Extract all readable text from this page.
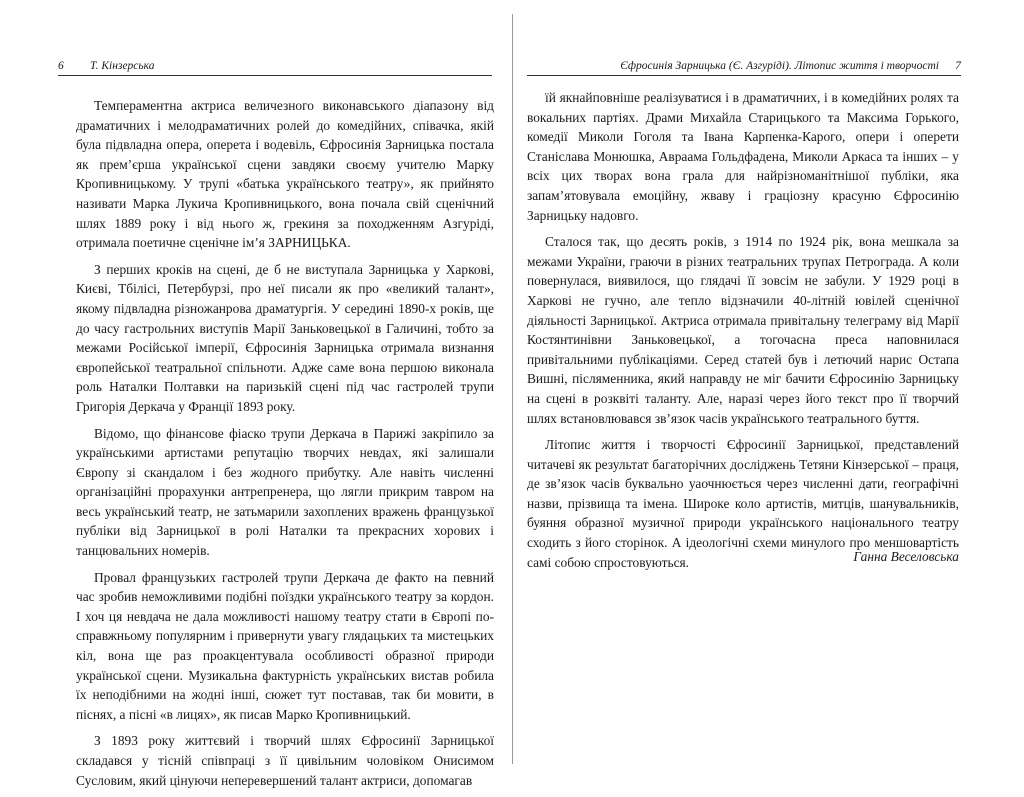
6 Т. Кінзерська

Темпераментна актриса величезного виконавського діапазону від драматичних і мелодраматичних ролей до комедійних, співачка, якій була підвладна опера, оперета і водевіль, Єфросинія Зарницька постала як прем’єрша української сцени завдяки своєму учителю Марку Кропивницькому. У трупі «батька українського театру», як прийнято називати Марка Лукича Кропивницького, вона почала свій сценічний шлях 1889 року і від нього ж, грекиня за походженням Азгуріді, отримала поетичне сценічне ім’я ЗАРНИЦЬКА.

З перших кроків на сцені, де б не виступала Зарницька у Харкові, Києві, Тбілісі, Петербурзі, про неї писали як про «великий талант», якому підвладна різножанрова драматургія. У середині 1890-х років, ще до часу гастрольних виступів Марії Заньковецької в Галичині, тобто за межами Російської імперії, Єфросинія Зарницька отримала визнання європейської театральної спільноти. Адже саме вона першою виконала роль Наталки Полтавки на паризькій сцені під час гастролей трупи Григорія Деркача у Франції 1893 року.

Відомо, що фінансове фіаско трупи Деркача в Парижі закріпило за українськими артистами репутацію творчих невдах, які залишали Європу зі скандалом і без жодного прибутку. Але навіть численні організаційні прорахунки антрепренера, що лягли прикрим тавром на весь український театр, не затьмарили захоплених вражень французької публіки від Зарницької в ролі Наталки та прекрасних хорових і танцювальних номерів.

Провал французьких гастролей трупи Деркача де факто на певний час зробив неможливими подібні поїздки українського театру за кордон. І хоч ця невдача не дала можливості нашому театру стати в Європі по-справжньому популярним і привернути увагу глядацьких та мистецьких кіл, вона ще раз проакцентувала особливості образної природи української сцени. Музикальна фактурність українських вистав робила їх неподібними на жодні інші, сюжет тут поставав, так би мовити, в піснях, а пісні «в лицях», як писав Марко Кропивницький.

З 1893 року життєвий і творчий шлях Єфросинії Зарницької складався у тісній співпраці з її цивільним чоловіком Онисимом Сусловим, який цінуючи неперевершений талант актриси, допомагав

Єфросинія Зарницька (Є. Азгуріді). Літопис життя і творчості 7

їй якнайповніше реалізуватися і в драматичних, і в комедійних ролях та вокальних партіях. Драми Михайла Старицького та Максима Горького, комедії Миколи Гоголя та Івана Карпенка-Карого, опери і оперети Станіслава Монюшка, Авраама Гольдфадена, Миколи Аркаса та інших – у всіх цих творах вона грала для найрізноманітнішої публіки, яка запам’ятовувала емоційну, жваву і граціозну красуню Єфросинію Зарницьку надовго.

Сталося так, що десять років, з 1914 по 1924 рік, вона мешкала за межами України, граючи в різних театральних трупах Петрограда. А коли повернулася, виявилося, що глядачі її зовсім не забули. У 1929 році в Харкові не гучно, але тепло відзначили 40-літній ювілей сценічної діяльності Зарницької. Актриса отримала привітальну телеграму від Марії Костянтинівни Заньковецької, а тогочасна преса наповнилася привітальними публікаціями. Серед статей був і летючий нарис Остапа Вишні, післяменника, який направду не міг бачити Єфросинію Зарницьку на сцені в розквіті таланту. Але, наразі через його текст про її творчий шлях встановлювався зв’язок часів українського театрального буття.

Літопис життя і творчості Єфросинії Зарницької, представлений читачеві як результат багаторічних досліджень Тетяни Кінзерської – праця, де зв’язок часів буквально уаочнюється через численні дати, географічні назви, прізвища та імена. Широке коло артистів, митців, шанувальників, буяння образної музичної природи українського національного театру сходить з його сторінок. А ідеологічні схеми минулого про меншовартість самі собою спростовуються.	Ганна Веселовська
